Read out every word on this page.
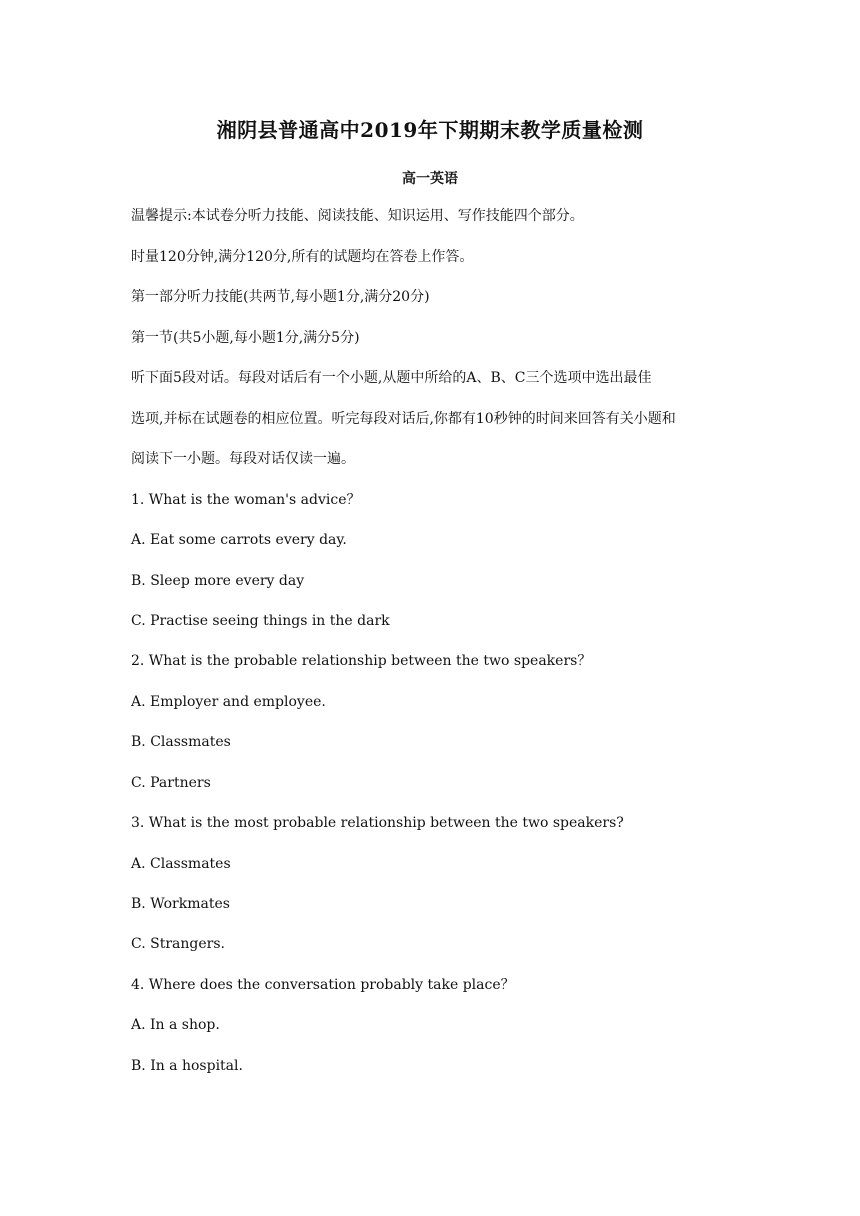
湘阴县普通高中2019年下期期末教学质量检测
高一英语
温馨提示:本试卷分听力技能、阅读技能、知识运用、写作技能四个部分。
时量120分钟,满分120分,所有的试题均在答卷上作答。
第一部分听力技能(共两节,每小题1分,满分20分)
第一节(共5小题,每小题1分,满分5分)
听下面5段对话。每段对话后有一个小题,从题中所给的A、B、C三个选项中选出最佳
选项,并标在试题卷的相应位置。听完每段对话后,你都有10秒钟的时间来回答有关小题和
阅读下一小题。每段对话仅读一遍。
1. What is the woman's advice？
A. Eat some carrots every day.
B. Sleep more every day
C. Practise seeing things in the dark
2. What is the probable relationship between the two speakers？
A. Employer and employee.
B. Classmates
C. Partners
3. What is the most probable relationship between the two speakers?
A. Classmates
B. Workmates
C. Strangers.
4. Where does the conversation probably take place？
A. In a shop.
B. In a hospital.
